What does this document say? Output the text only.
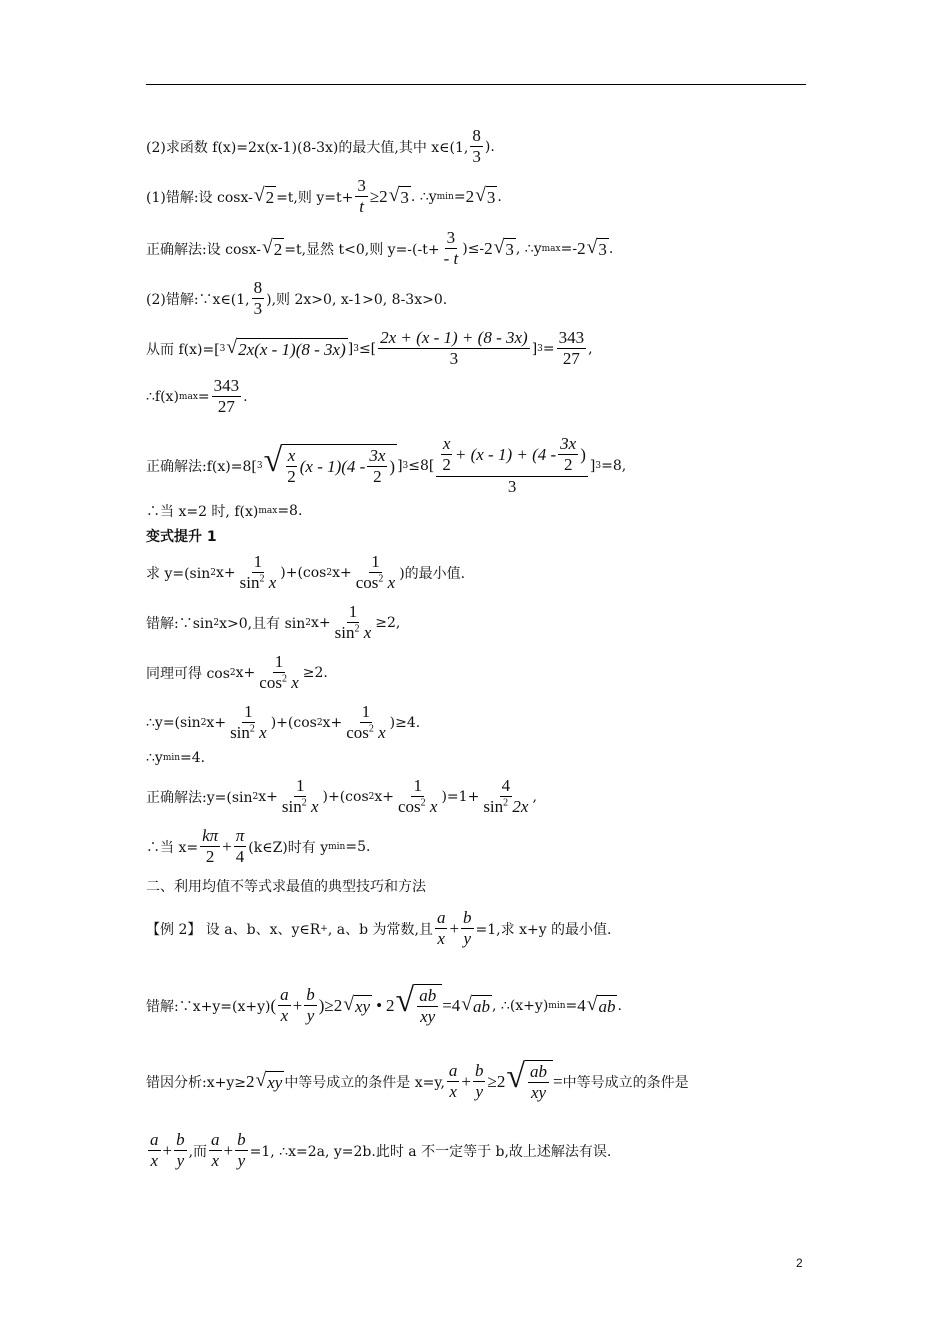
(2)求函数 f(x)=2x(x-1)(8-3x)的最大值,其中 x∈(1, $\frac{8}{3}$ ).
(1)错解:设 cosx- √ 2 =t,则 $y=t+ \frac{3}{t} \ge 2$ √ 3 . ∴y min = 2 √ 3 .
正确解法:设 cosx- √ 2 =t,显然 t<0,则 $y=-(-t+ \frac{3}{- t}$ )≤- 2 √ 3 , ∴y max =- 2 √ 3 .
(2)错解:∵x∈(1, $\frac{8}{3}$ ),则 2x>0, x-1>0, 8-3x>0.
从而 f(x)=[ 3 √ 2x(x - 1)(8 - 3x) ] 3 ≤[ $\frac{2x + (x - 1) + (8 - 3x)}{3}$ ] $3 = \frac{343}{27}$ ,
∴f(x) $\max = \frac{343}{27}$ .
正确解法:f(x)=8[ 3 √ $\frac{x}{2} (x - 1)(4 - \frac{3x}{2}$ ) ] $3 \le 8[ \frac{\frac{x}{2} + (x - 1) + (4 - \frac{3x}{2} )}{3}$ ] 3 =8,
∴当 x=2 时, f(x) max =8.
变式提升 1
求 y=(sin 2 $x+ \frac{1}{\sin^2 x} )+(\cos$ 2 $x+ \frac{1}{\cos^2 x}$ )的最小值.
错解:∵sin 2 x>0,且有 sin 2 $x+ \frac{1}{\sin^2 x} \ge 2$,
同理可得 cos 2 $x+ \frac{1}{\cos^2 x} \ge 2$.
∴y=(sin 2 $x+ \frac{1}{\sin^2 x} )+(\cos$ 2 $x+ \frac{1}{\cos^2 x} )\ge 4$.
∴y min =4.
正确解法:y=(sin 2 $x+ \frac{1}{\sin^2 x} )+(\cos$ 2 $x+ \frac{1}{\cos^2 x} )=1+ \frac{4}{\sin^2 2x}$ ,
∴当 $x= \frac{k\pi}{2} + \frac{\pi}{4}$ (k∈Z)时有 y min =5.
二、利用均值不等式求最值的典型技巧和方法
【例 2】 设 a、b、x、y∈R + , a、b 为常数,且 $\frac{a}{x} + \frac{b}{y} =1$,求 x+y 的最小值.
错解:∵x+y=(x+y) ( $\frac{a}{x} + \frac{b}{y}$ ) ≥2 √ xy • 2 √ $\frac{ab}{xy} =4$ √ ab , ∴(x+y) min = 4 √ ab .
错因分析:x+y≥ 2 √ xy 中等号成立的条件是 x=y, $\frac{a}{x} + \frac{b}{y} \ge 2$ √ $\frac{ab}{xy}$ = 中等号成立的条件是
$\frac{a}{x} + \frac{b}{y}$ ,而 $\frac{a}{x} + \frac{b}{y} =1$, ∴x=2a, y=2b.此时 a 不一定等于 b,故上述解法有误.
2
